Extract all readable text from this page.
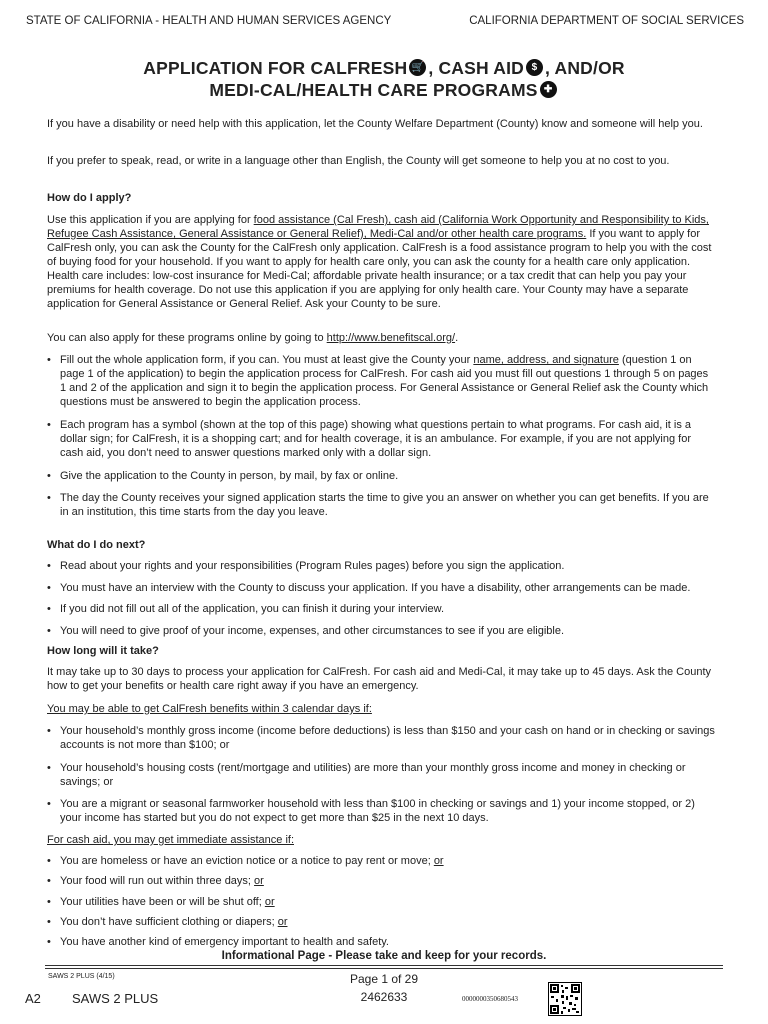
STATE OF CALIFORNIA - HEALTH AND HUMAN SERVICES AGENCY	CALIFORNIA DEPARTMENT OF SOCIAL SERVICES
APPLICATION FOR CALFRESH 🛒 , CASH AID $ , AND/OR
MEDI-CAL/HEALTH CARE PROGRAMS ✚
If you have a disability or need help with this application, let the County Welfare Department (County) know and someone will help you.
If you prefer to speak, read, or write in a language other than English, the County will get someone to help you at no cost to you.
How do I apply?
Use this application if you are applying for food assistance (Cal Fresh), cash aid (California Work Opportunity and Responsibility to Kids, Refugee Cash Assistance, General Assistance or General Relief), Medi-Cal and/or other health care programs. If you want to apply for CalFresh only, you can ask the County for the CalFresh only application. CalFresh is a food assistance program to help you with the cost of buying food for your household. If you want to apply for health care only, you can ask the county for a health care only application. Health care includes: low-cost insurance for Medi-Cal; affordable private health insurance; or a tax credit that can help you pay your premiums for health coverage. Do not use this application if you are applying for only health care. Your County may have a separate application for General Assistance or General Relief. Ask your County to be sure.
You can also apply for these programs online by going to http://www.benefitscal.org/.
• Fill out the whole application form, if you can. You must at least give the County your name, address, and signature (question 1 on page 1 of the application) to begin the application process for CalFresh. For cash aid you must fill out questions 1 through 5 on pages 1 and 2 of the application and sign it to begin the application process. For General Assistance or General Relief ask the County which questions must be answered to begin the application process.
• Each program has a symbol (shown at the top of this page) showing what questions pertain to what programs. For cash aid, it is a dollar sign; for CalFresh, it is a shopping cart; and for health coverage, it is an ambulance. For example, if you are not applying for cash aid, you don’t need to answer questions marked only with a dollar sign.
• Give the application to the County in person, by mail, by fax or online.
• The day the County receives your signed application starts the time to give you an answer on whether you can get benefits. If you are in an institution, this time starts from the day you leave.
What do I do next?
• Read about your rights and your responsibilities (Program Rules pages) before you sign the application.
• You must have an interview with the County to discuss your application. If you have a disability, other arrangements can be made.
• If you did not fill out all of the application, you can finish it during your interview.
• You will need to give proof of your income, expenses, and other circumstances to see if you are eligible.
How long will it take?
It may take up to 30 days to process your application for CalFresh. For cash aid and Medi-Cal, it may take up to 45 days. Ask the County how to get your benefits or health care right away if you have an emergency.
You may be able to get CalFresh benefits within 3 calendar days if:
• Your household’s monthly gross income (income before deductions) is less than $150 and your cash on hand or in checking or savings accounts is not more than $100; or
• Your household’s housing costs (rent/mortgage and utilities) are more than your monthly gross income and money in checking or savings; or
• You are a migrant or seasonal farmworker household with less than $100 in checking or savings and 1) your income stopped, or 2) your income has started but you do not expect to get more than $25 in the next 10 days.
For cash aid, you may get immediate assistance if:
• You are homeless or have an eviction notice or a notice to pay rent or move; or
• Your food will run out within three days; or
• Your utilities have been or will be shut off; or
• You don’t have sufficient clothing or diapers; or
• You have another kind of emergency important to health and safety.
Informational Page - Please take and keep for your records.
SAWS 2 PLUS (4/15)	Page 1 of 29
A2 SAWS 2 PLUS	2462633	0000000350680543
